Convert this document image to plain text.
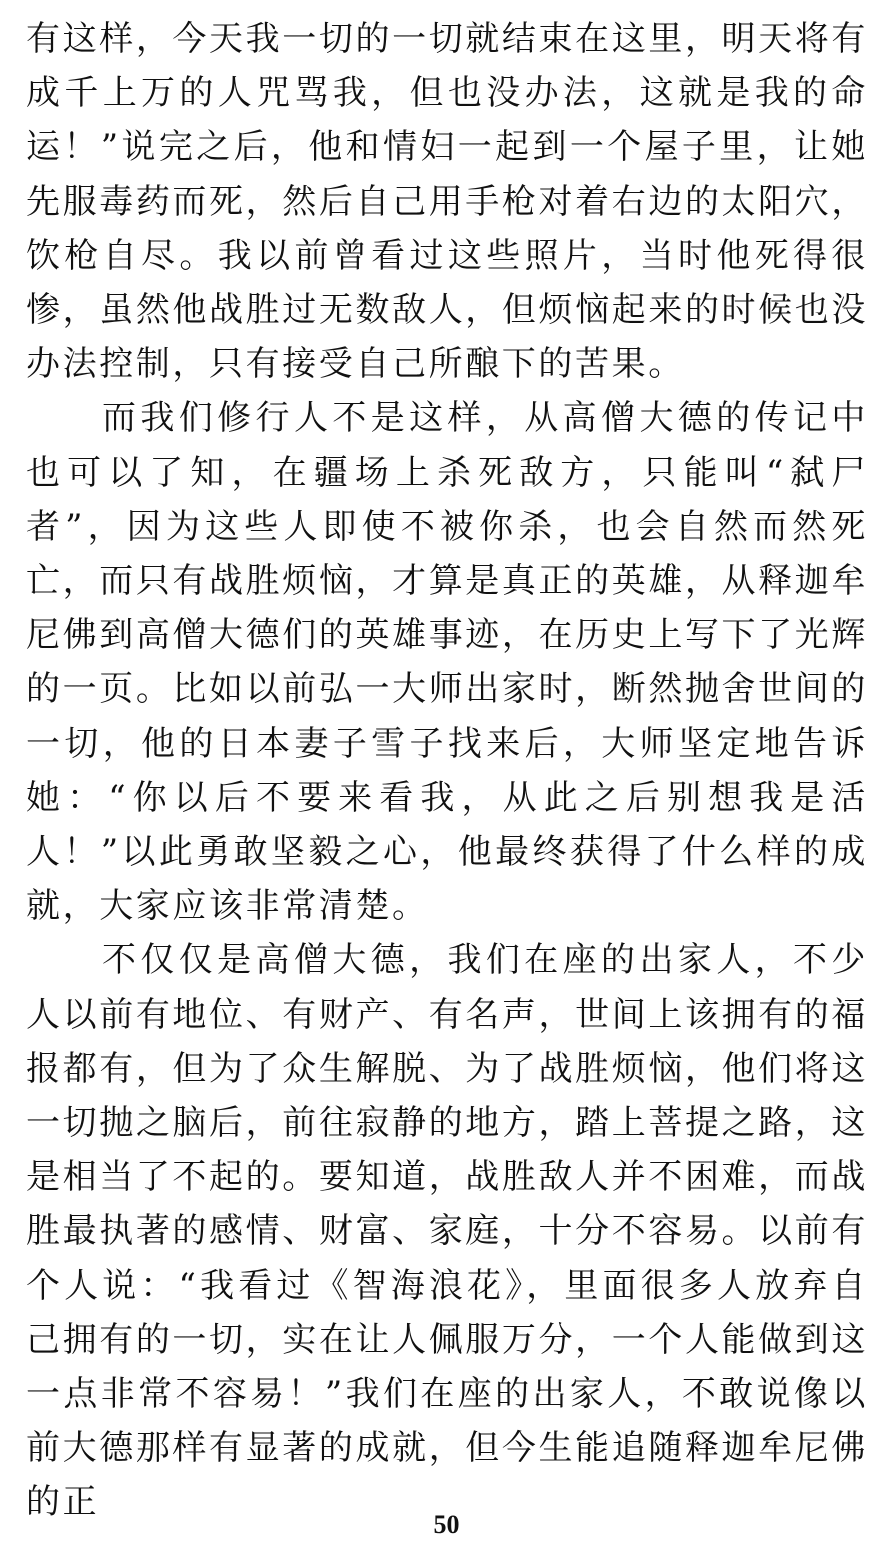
有这样，今天我一切的一切就结束在这里，明天将有成千上万的人咒骂我，但也没办法，这就是我的命运！”说完之后，他和情妇一起到一个屋子里，让她先服毒药而死，然后自己用手枪对着右边的太阳穴，饮枪自尽。我以前曾看过这些照片，当时他死得很惨，虽然他战胜过无数敌人，但烦恼起来的时候也没办法控制，只有接受自己所酿下的苦果。

而我们修行人不是这样，从高僧大德的传记中也可以了知，在疆场上杀死敌方，只能叫“弑尸者”，因为这些人即使不被你杀，也会自然而然死亡，而只有战胜烦恼，才算是真正的英雄，从释迦牟尼佛到高僧大德们的英雄事迹，在历史上写下了光辉的一页。比如以前弘一大师出家时，断然抛舍世间的一切，他的日本妻子雪子找来后，大师坚定地告诉她：“你以后不要来看我，从此之后别想我是活人！”以此勇敢坚毅之心，他最终获得了什么样的成就，大家应该非常清楚。

不仅仅是高僧大德，我们在座的出家人，不少人以前有地位、有财产、有名声，世间上该拥有的福报都有，但为了众生解脱、为了战胜烦恼，他们将这一切抛之脑后，前往寂静的地方，踏上菩提之路，这是相当了不起的。要知道，战胜敌人并不困难，而战胜最执著的感情、财富、家庭，十分不容易。以前有个人说：“我看过《智海浪花》，里面很多人放弃自己拥有的一切，实在让人佩服万分，一个人能做到这一点非常不容易！”我们在座的出家人，不敢说像以前大德那样有显著的成就，但今生能追随释迦牟尼佛的正

50
